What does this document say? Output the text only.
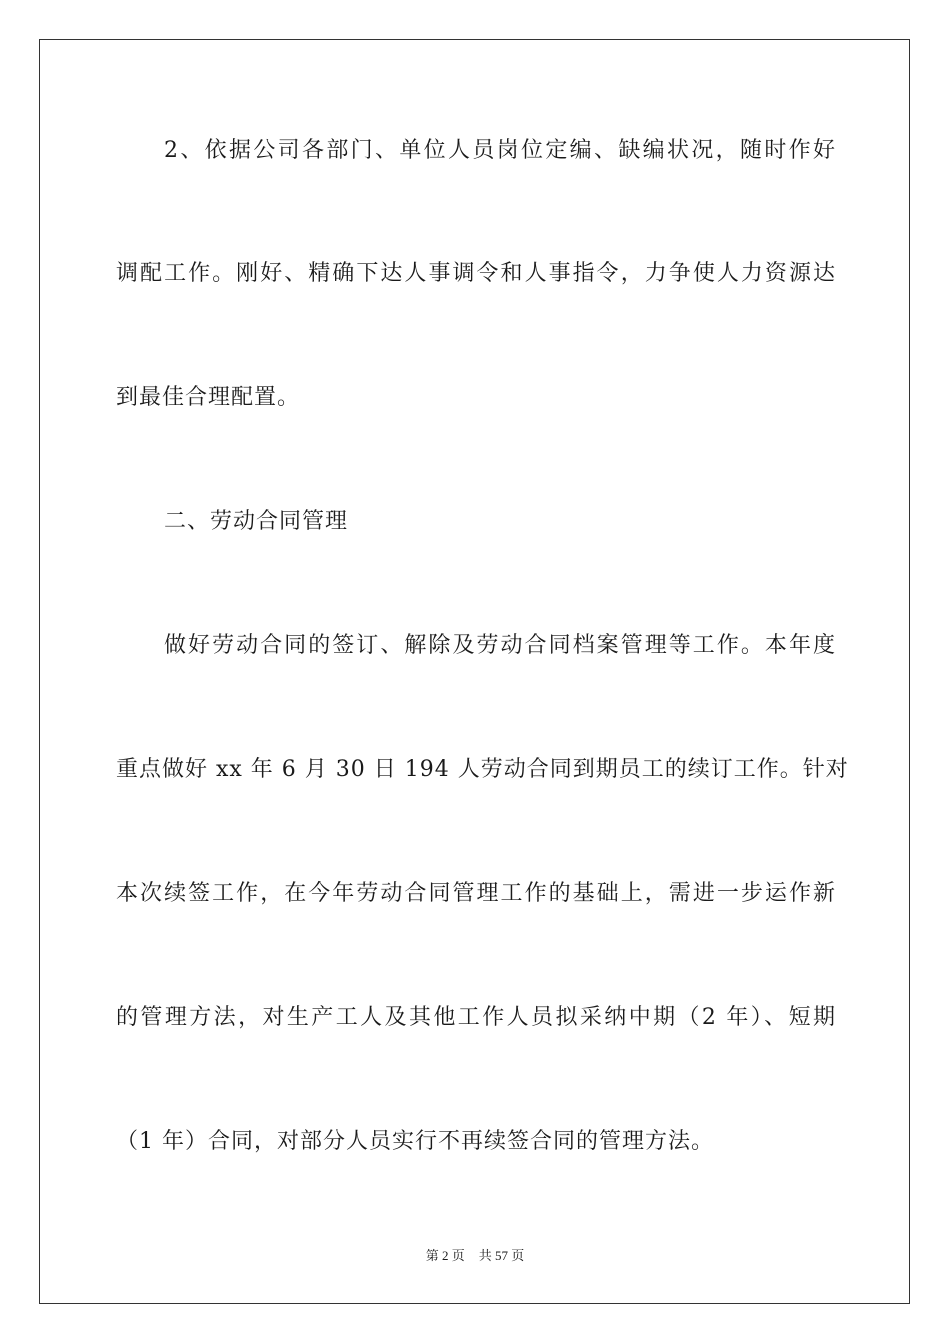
2、依据公司各部门、单位人员岗位定编、缺编状况，随时作好
调配工作。刚好、精确下达人事调令和人事指令，力争使人力资源达
到最佳合理配置。
二、劳动合同管理
做好劳动合同的签订、解除及劳动合同档案管理等工作。本年度
重点做好 xx 年 6 月 30 日 194 人劳动合同到期员工的续订工作。针对
本次续签工作，在今年劳动合同管理工作的基础上，需进一步运作新
的管理方法，对生产工人及其他工作人员拟采纳中期（2 年）、短期
（1 年）合同，对部分人员实行不再续签合同的管理方法。
第 2 页 共 57 页
